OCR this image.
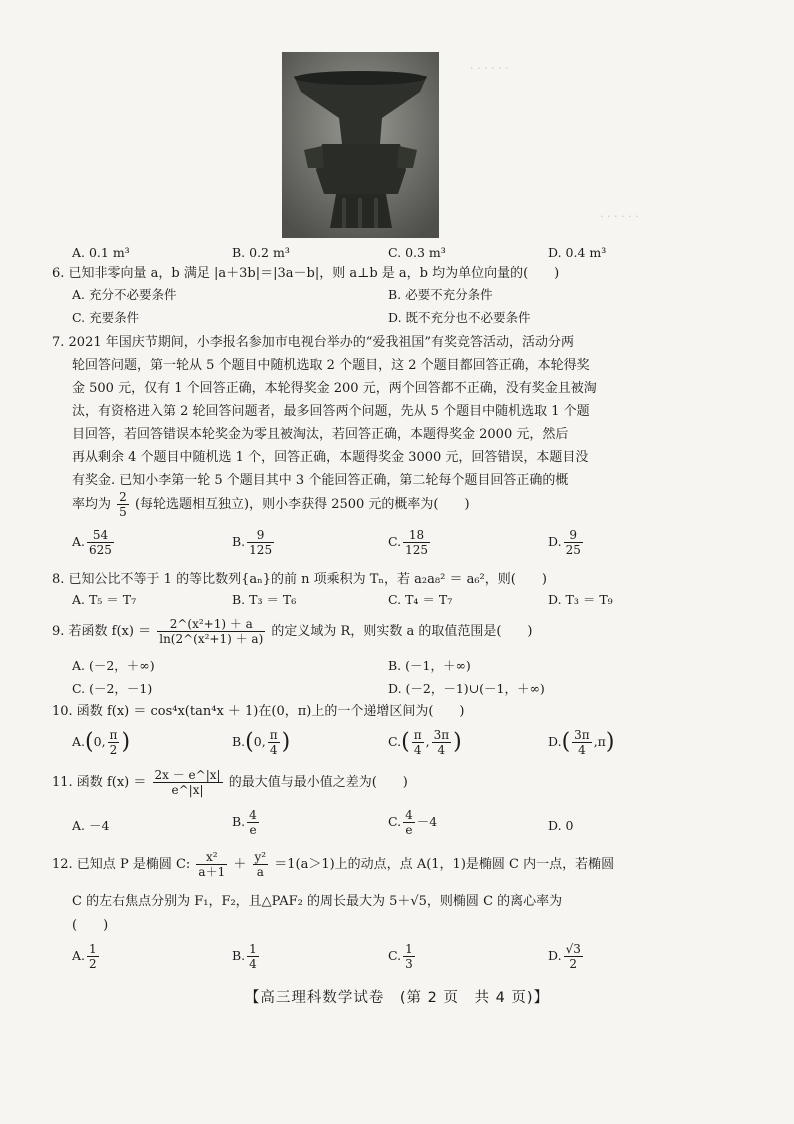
· · · · · ·
· · · · · ·
A. 0.1 m³	B. 0.2 m³	C. 0.3 m³	D. 0.4 m³
6. 已知非零向量 a，b 满足 |a＋3b|＝|3a－b|，则 a⊥b 是 a，b 均为单位向量的(　　)
A. 充分不必要条件	B. 必要不充分条件
C. 充要条件	D. 既不充分也不必要条件
7. 2021 年国庆节期间，小李报名参加市电视台举办的“爱我祖国”有奖竞答活动，活动分两
轮回答问题，第一轮从 5 个题目中随机选取 2 个题目，这 2 个题目都回答正确，本轮得奖
金 500 元，仅有 1 个回答正确，本轮得奖金 200 元，两个回答都不正确，没有奖金且被淘
汰，有资格进入第 2 轮回答问题者，最多回答两个问题，先从 5 个题目中随机选取 1 个题
目回答，若回答错误本轮奖金为零且被淘汰，若回答正确，本题得奖金 2000 元，然后
再从剩余 4 个题目中随机选 1 个，回答正确，本题得奖金 3000 元，回答错误，本题目没
有奖金. 已知小李第一轮 5 个题目其中 3 个能回答正确，第二轮每个题目回答正确的概
率均为 $\frac{2}{5}$ (每轮选题相互独立)，则小李获得 2500 元的概率为(　　)
A. $\frac{54}{625}$	B. $\frac{9}{125}$	C. $\frac{18}{125}$	D. $\frac{9}{25}$
8. 已知公比不等于 1 的等比数列{aₙ}的前 n 项乘积为 Tₙ，若 a₂a₈² ＝ a₆²，则(　　)
A. T₅ ＝ T₇	B. T₃ ＝ T₆	C. T₄ ＝ T₇	D. T₃ ＝ T₉
9. 若函数 $f(x) = \frac{\text{2\textasciicircum{}(x²+1) ＋ a}}{\text{ln(2\textasciicircum{}(x²+1) ＋ a)}}$ 的定义域为 R，则实数 a 的取值范围是(　　)
A. (－2，＋∞)	B. (－1，＋∞)
C. (－2，－1)	D. (－2，－1)∪(－1，＋∞)
10. 函数 f(x) ＝ cos⁴x(tan⁴x ＋ 1)在(0，π)上的一个递增区间为(　　)
A.(0, $\frac{\pi}{2}$ )	B.(0, $\frac{\pi}{4}$ )	$C.( \frac{\pi}{4}$ , $\frac{3\pi}{4}$ )	$D.( \frac{3\pi}{4} ,\pi)$
11. 函数 $f(x) = \frac{2x - e\^{}|x|}{e\^{}|x|}$ 的最大值与最小值之差为(　　)
A. －4	B. $\frac{4}{e}$	C. $\frac{4}{e} -4$	D. 0
12. 已知点 P 是椭圆 C: $\frac{\text{x²}}{a+1} + \frac{\text{y²}}{a} =1(a>1)$上的动点，点 A(1，1)是椭圆 C 内一点，若椭圆
C 的左右焦点分别为 F₁，F₂，且△PAF₂ 的周长最大为 5＋√5，则椭圆 C 的离心率为
(　　)
A. $\frac{1}{2}$	B. $\frac{1}{4}$	C. $\frac{1}{3}$	D. $\frac{√3}{2}$
【高三理科数学试卷　(第 2 页　共 4 页)】
